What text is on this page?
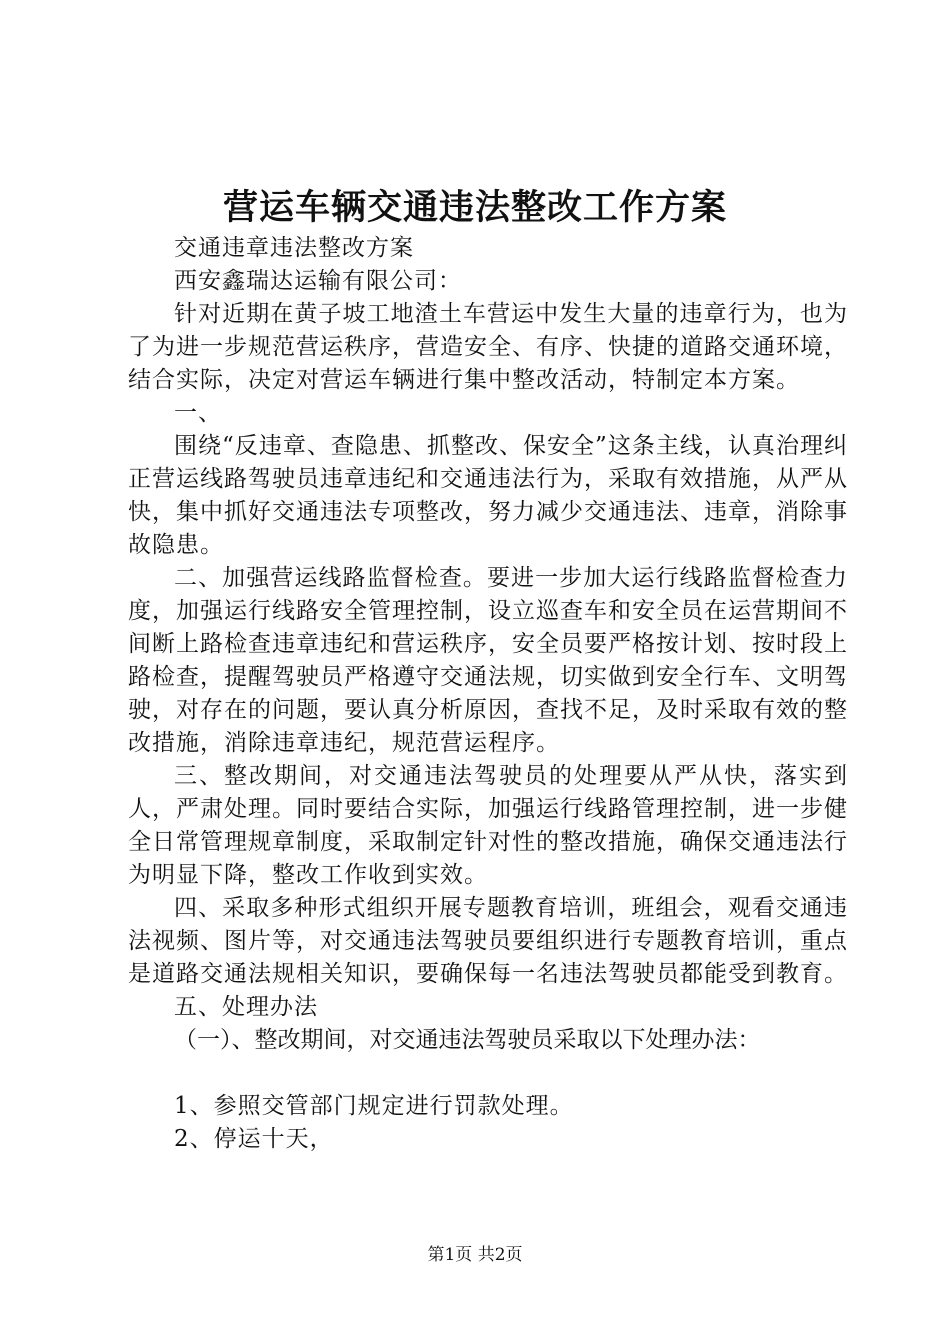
营运车辆交通违法整改工作方案

交通违章违法整改方案

西安鑫瑞达运输有限公司：

针对近期在黄子坡工地渣土车营运中发生大量的违章行为，也为了为进一步规范营运秩序，营造安全、有序、快捷的道路交通环境，结合实际，决定对营运车辆进行集中整改活动，特制定本方案。

一、

围绕“反违章、查隐患、抓整改、保安全”这条主线，认真治理纠正营运线路驾驶员违章违纪和交通违法行为，采取有效措施，从严从快，集中抓好交通违法专项整改，努力减少交通违法、违章，消除事故隐患。

二、加强营运线路监督检查。要进一步加大运行线路监督检查力度，加强运行线路安全管理控制，设立巡查车和安全员在运营期间不间断上路检查违章违纪和营运秩序，安全员要严格按计划、按时段上路检查，提醒驾驶员严格遵守交通法规，切实做到安全行车、文明驾驶，对存在的问题，要认真分析原因，查找不足，及时采取有效的整改措施，消除违章违纪，规范营运程序。

三、整改期间，对交通违法驾驶员的处理要从严从快，落实到人，严肃处理。同时要结合实际，加强运行线路管理控制，进一步健全日常管理规章制度，采取制定针对性的整改措施，确保交通违法行为明显下降，整改工作收到实效。

四、采取多种形式组织开展专题教育培训，班组会，观看交通违法视频、图片等，对交通违法驾驶员要组织进行专题教育培训，重点是道路交通法规相关知识，要确保每一名违法驾驶员都能受到教育。

五、处理办法

（一）、整改期间，对交通违法驾驶员采取以下处理办法：

1、参照交管部门规定进行罚款处理。

2、停运十天，

第1页 共2页
